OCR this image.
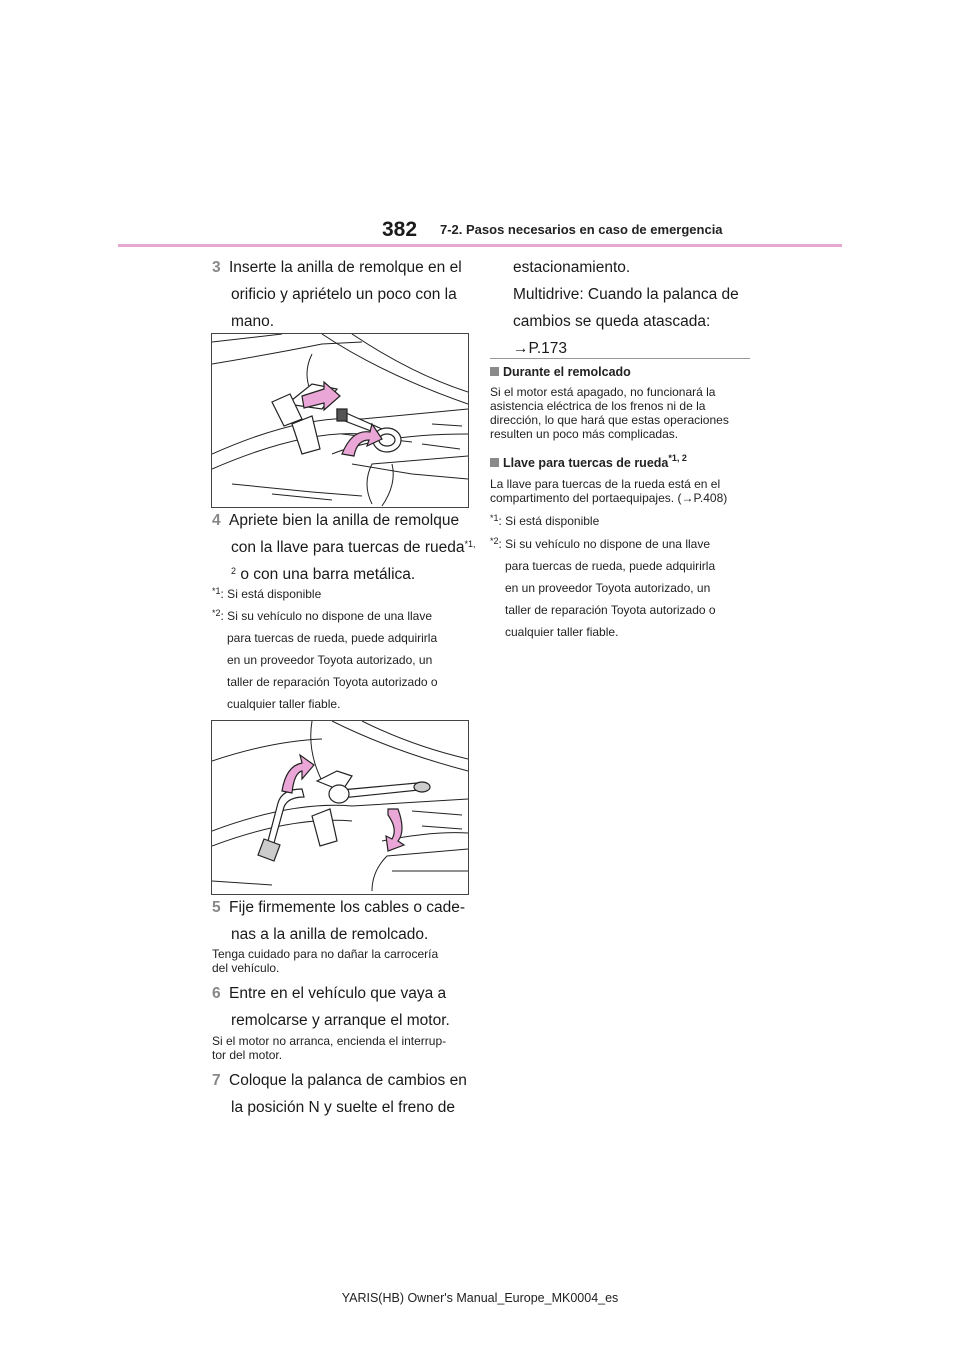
382 7-2. Pasos necesarios en caso de emergencia
3 Inserte la anilla de remolque en el
orificio y apriételo un poco con la
mano.
4 Apriete bien la anilla de remolque
con la llave para tuercas de rueda$^{*1,}$
$^2$ o con una barra metálica.
$^{*1}$: Si está disponible
$^{*2}$: Si su vehículo no dispone de una llave
para tuercas de rueda, puede adquirirla
en un proveedor Toyota autorizado, un
taller de reparación Toyota autorizado o
cualquier taller fiable.
5 Fije firmemente los cables o cade-
nas a la anilla de remolcado.
Tenga cuidado para no dañar la carrocería
del vehículo.
6 Entre en el vehículo que vaya a
remolcarse y arranque el motor.
Si el motor no arranca, encienda el interrup-
tor del motor.
7 Coloque la palanca de cambios en
la posición N y suelte el freno de
estacionamiento.
Multidrive: Cuando la palanca de
cambios se queda atascada:
→P.173
Durante el remolcado
Si el motor está apagado, no funcionará la
asistencia eléctrica de los frenos ni de la
dirección, lo que hará que estas operaciones
resulten un poco más complicadas.
Llave para tuercas de rueda$^{*1, 2}$
La llave para tuercas de la rueda está en el
compartimento del portaequipajes. (→P.408)
$^{*1}$: Si está disponible
$^{*2}$: Si su vehículo no dispone de una llave
para tuercas de rueda, puede adquirirla
en un proveedor Toyota autorizado, un
taller de reparación Toyota autorizado o
cualquier taller fiable.
YARIS(HB) Owner's Manual_Europe_MK0004_es
